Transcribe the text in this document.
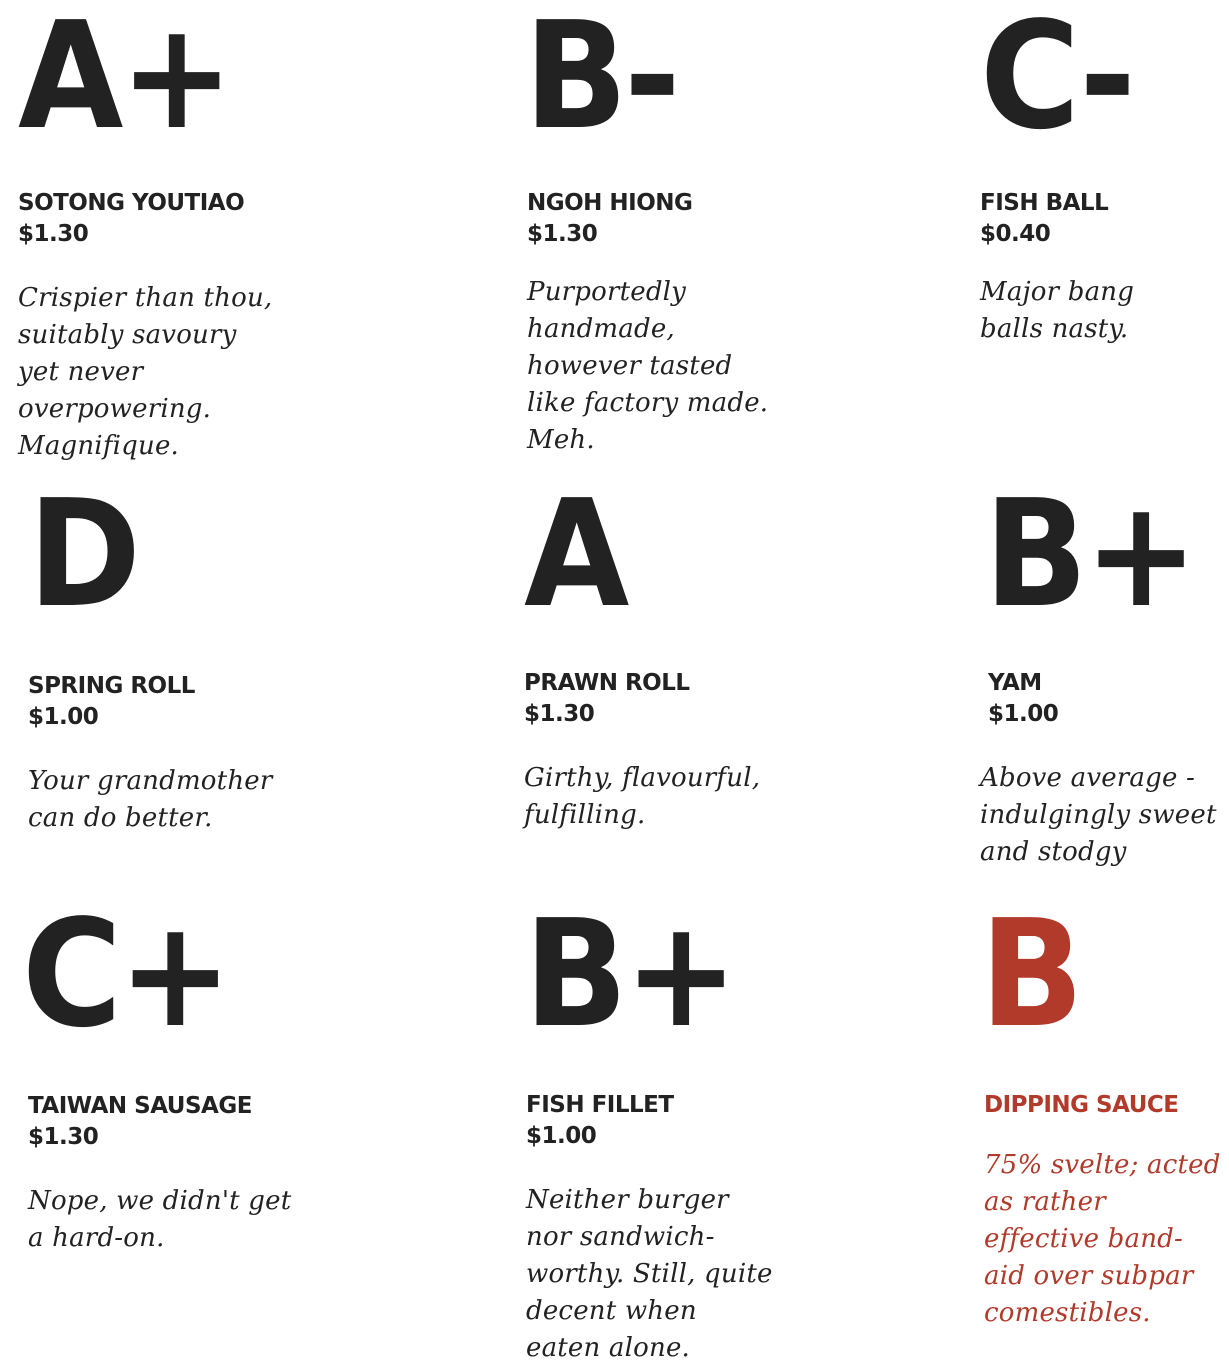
A+
SOTONG YOUTIAO
$1.30
Crispier than thou, suitably savoury yet never overpowering. Magnifique.
B-
NGOH HIONG
$1.30
Purportedly handmade, however tasted like factory made. Meh.
C-
FISH BALL
$0.40
Major bang balls nasty.
D
SPRING ROLL
$1.00
Your grandmother can do better.
A
PRAWN ROLL
$1.30
Girthy, flavourful, fulfilling.
B+
YAM
$1.00
Above average - indulgingly sweet and stodgy
C+
TAIWAN SAUSAGE
$1.30
Nope, we didn't get a hard-on.
B+
FISH FILLET
$1.00
Neither burger nor sandwich-worthy. Still, quite decent when eaten alone.
B
DIPPING SAUCE
75% svelte; acted as rather effective band-aid over subpar comestibles.
